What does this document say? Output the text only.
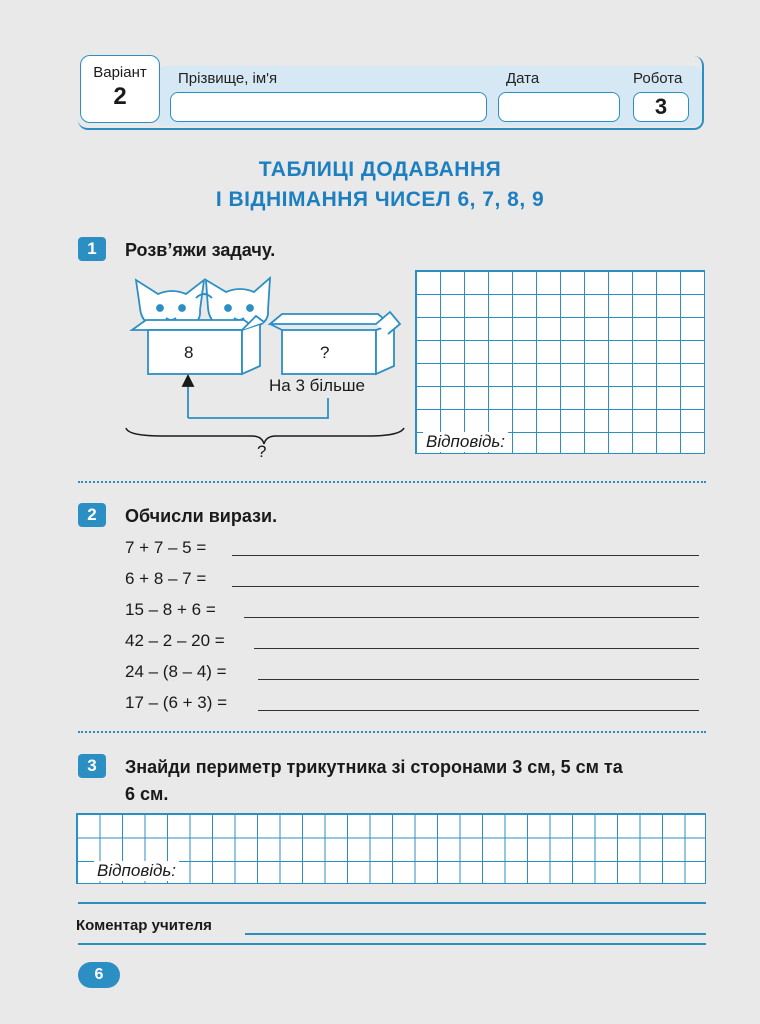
Варіант
2
Прізвище, ім'я	Дата	Робота
3
ТАБЛИЦІ ДОДАВАННЯ
І ВІДНІМАННЯ ЧИСЕЛ 6, 7, 8, 9
1	Розв’яжи задачу.
8	?
На 3 більше
?
Відповідь:
2	Обчисли вирази.
7 + 7 – 5 =
6 + 8 – 7 =
15 – 8 + 6 =
42 – 2 – 20 =
24 – (8 – 4) =
17 – (6 + 3) =
3	Знайди периметр трикутника зі сторонами 3 см, 5 см та
6 см.
Відповідь:
Коментар учителя
6
